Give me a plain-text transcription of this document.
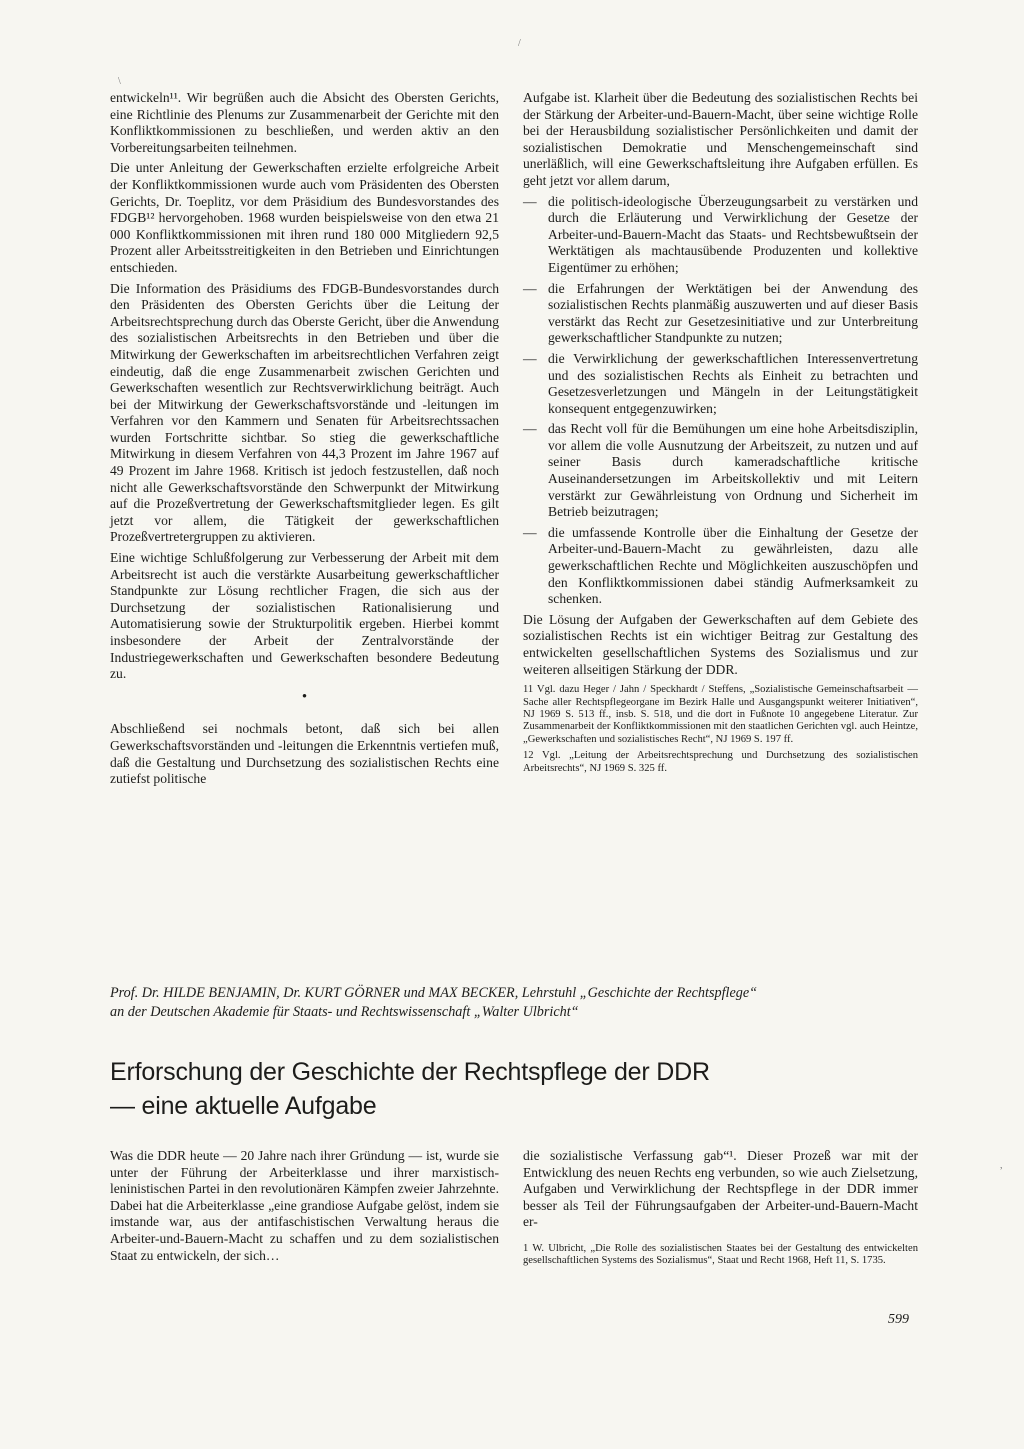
\
/

entwickeln¹¹. Wir begrüßen auch die Absicht des Obersten Gerichts, eine Richtlinie des Plenums zur Zusammenarbeit der Gerichte mit den Konfliktkommissionen zu beschließen, und werden aktiv an den Vorbereitungsarbeiten teilnehmen.

Die unter Anleitung der Gewerkschaften erzielte erfolgreiche Arbeit der Konfliktkommissionen wurde auch vom Präsidenten des Obersten Gerichts, Dr. Toeplitz, vor dem Präsidium des Bundesvorstandes des FDGB¹² hervorgehoben. 1968 wurden beispielsweise von den etwa 21 000 Konfliktkommissionen mit ihren rund 180 000 Mitgliedern 92,5 Prozent aller Arbeitsstreitigkeiten in den Betrieben und Einrichtungen entschieden.

Die Information des Präsidiums des FDGB-Bundesvorstandes durch den Präsidenten des Obersten Gerichts über die Leitung der Arbeitsrechtsprechung durch das Oberste Gericht, über die Anwendung des sozialistischen Arbeitsrechts in den Betrieben und über die Mitwirkung der Gewerkschaften im arbeitsrechtlichen Verfahren zeigt eindeutig, daß die enge Zusammenarbeit zwischen Gerichten und Gewerkschaften wesentlich zur Rechtsverwirklichung beiträgt. Auch bei der Mitwirkung der Gewerkschaftsvorstände und -leitungen im Verfahren vor den Kammern und Senaten für Arbeitsrechtssachen wurden Fortschritte sichtbar. So stieg die gewerkschaftliche Mitwirkung in diesem Verfahren von 44,3 Prozent im Jahre 1967 auf 49 Prozent im Jahre 1968. Kritisch ist jedoch festzustellen, daß noch nicht alle Gewerkschaftsvorstände den Schwerpunkt der Mitwirkung auf die Prozeßvertretung der Gewerkschaftsmitglieder legen. Es gilt jetzt vor allem, die Tätigkeit der gewerkschaftlichen Prozeßvertretergruppen zu aktivieren.

Eine wichtige Schlußfolgerung zur Verbesserung der Arbeit mit dem Arbeitsrecht ist auch die verstärkte Ausarbeitung gewerkschaftlicher Standpunkte zur Lösung rechtlicher Fragen, die sich aus der Durchsetzung der sozialistischen Rationalisierung und Automatisierung sowie der Strukturpolitik ergeben. Hierbei kommt insbesondere der Arbeit der Zentralvorstände der Industriegewerkschaften und Gewerkschaften besondere Bedeutung zu.

•

Abschließend sei nochmals betont, daß sich bei allen Gewerkschaftsvorständen und -leitungen die Erkenntnis vertiefen muß, daß die Gestaltung und Durchsetzung des sozialistischen Rechts eine zutiefst politische

Aufgabe ist. Klarheit über die Bedeutung des sozialistischen Rechts bei der Stärkung der Arbeiter-und-Bauern-Macht, über seine wichtige Rolle bei der Herausbildung sozialistischer Persönlichkeiten und damit der sozialistischen Demokratie und Menschengemeinschaft sind unerläßlich, will eine Gewerkschaftsleitung ihre Aufgaben erfüllen. Es geht jetzt vor allem darum,

— die politisch-ideologische Überzeugungsarbeit zu verstärken und durch die Erläuterung und Verwirklichung der Gesetze der Arbeiter-und-Bauern-Macht das Staats- und Rechtsbewußtsein der Werktätigen als machtausübende Produzenten und kollektive Eigentümer zu erhöhen;
— die Erfahrungen der Werktätigen bei der Anwendung des sozialistischen Rechts planmäßig auszuwerten und auf dieser Basis verstärkt das Recht zur Gesetzesinitiative und zur Unterbreitung gewerkschaftlicher Standpunkte zu nutzen;
— die Verwirklichung der gewerkschaftlichen Interessenvertretung und des sozialistischen Rechts als Einheit zu betrachten und Gesetzesverletzungen und Mängeln in der Leitungstätigkeit konsequent entgegenzuwirken;
— das Recht voll für die Bemühungen um eine hohe Arbeitsdisziplin, vor allem die volle Ausnutzung der Arbeitszeit, zu nutzen und auf seiner Basis durch kameradschaftliche kritische Auseinandersetzungen im Arbeitskollektiv und mit Leitern verstärkt zur Gewährleistung von Ordnung und Sicherheit im Betrieb beizutragen;
— die umfassende Kontrolle über die Einhaltung der Gesetze der Arbeiter-und-Bauern-Macht zu gewährleisten, dazu alle gewerkschaftlichen Rechte und Möglichkeiten auszuschöpfen und den Konfliktkommissionen dabei ständig Aufmerksamkeit zu schenken.

Die Lösung der Aufgaben der Gewerkschaften auf dem Gebiete des sozialistischen Rechts ist ein wichtiger Beitrag zur Gestaltung des entwickelten gesellschaftlichen Systems des Sozialismus und zur weiteren allseitigen Stärkung der DDR.

11 Vgl. dazu Heger / Jahn / Speckhardt / Steffens, „Sozialistische Gemeinschaftsarbeit — Sache aller Rechtspflegeorgane im Bezirk Halle und Ausgangspunkt weiterer Initiativen“, NJ 1969 S. 513 ff., insb. S. 518, und die dort in Fußnote 10 angegebene Literatur. Zur Zusammenarbeit der Konfliktkommissionen mit den staatlichen Gerichten vgl. auch Heintze, „Gewerkschaften und sozialistisches Recht“, NJ 1969 S. 197 ff.

12 Vgl. „Leitung der Arbeitsrechtsprechung und Durchsetzung des sozialistischen Arbeitsrechts“, NJ 1969 S. 325 ff.

Prof. Dr. HILDE BENJAMIN, Dr. KURT GÖRNER und MAX BECKER, Lehrstuhl „Geschichte der Rechtspflege“
an der Deutschen Akademie für Staats- und Rechtswissenschaft „Walter Ulbricht“
Erforschung der Geschichte der Rechtspflege der DDR
— eine aktuelle Aufgabe

Was die DDR heute — 20 Jahre nach ihrer Gründung — ist, wurde sie unter der Führung der Arbeiterklasse und ihrer marxistisch-leninistischen Partei in den revolutionären Kämpfen zweier Jahrzehnte. Dabei hat die Arbeiterklasse „eine grandiose Aufgabe gelöst, indem sie imstande war, aus der antifaschistischen Verwaltung heraus die Arbeiter-und-Bauern-Macht zu schaffen und zu dem sozialistischen Staat zu entwickeln, der sich…

die sozialistische Verfassung gab“¹. Dieser Prozeß war mit der Entwicklung des neuen Rechts eng verbunden, so wie auch Zielsetzung, Aufgaben und Verwirklichung der Rechtspflege in der DDR immer besser als Teil der Führungsaufgaben der Arbeiter-und-Bauern-Macht er-

1 W. Ulbricht, „Die Rolle des sozialistischen Staates bei der Gestaltung des entwickelten gesellschaftlichen Systems des Sozialismus“, Staat und Recht 1968, Heft 11, S. 1735.

599
,
